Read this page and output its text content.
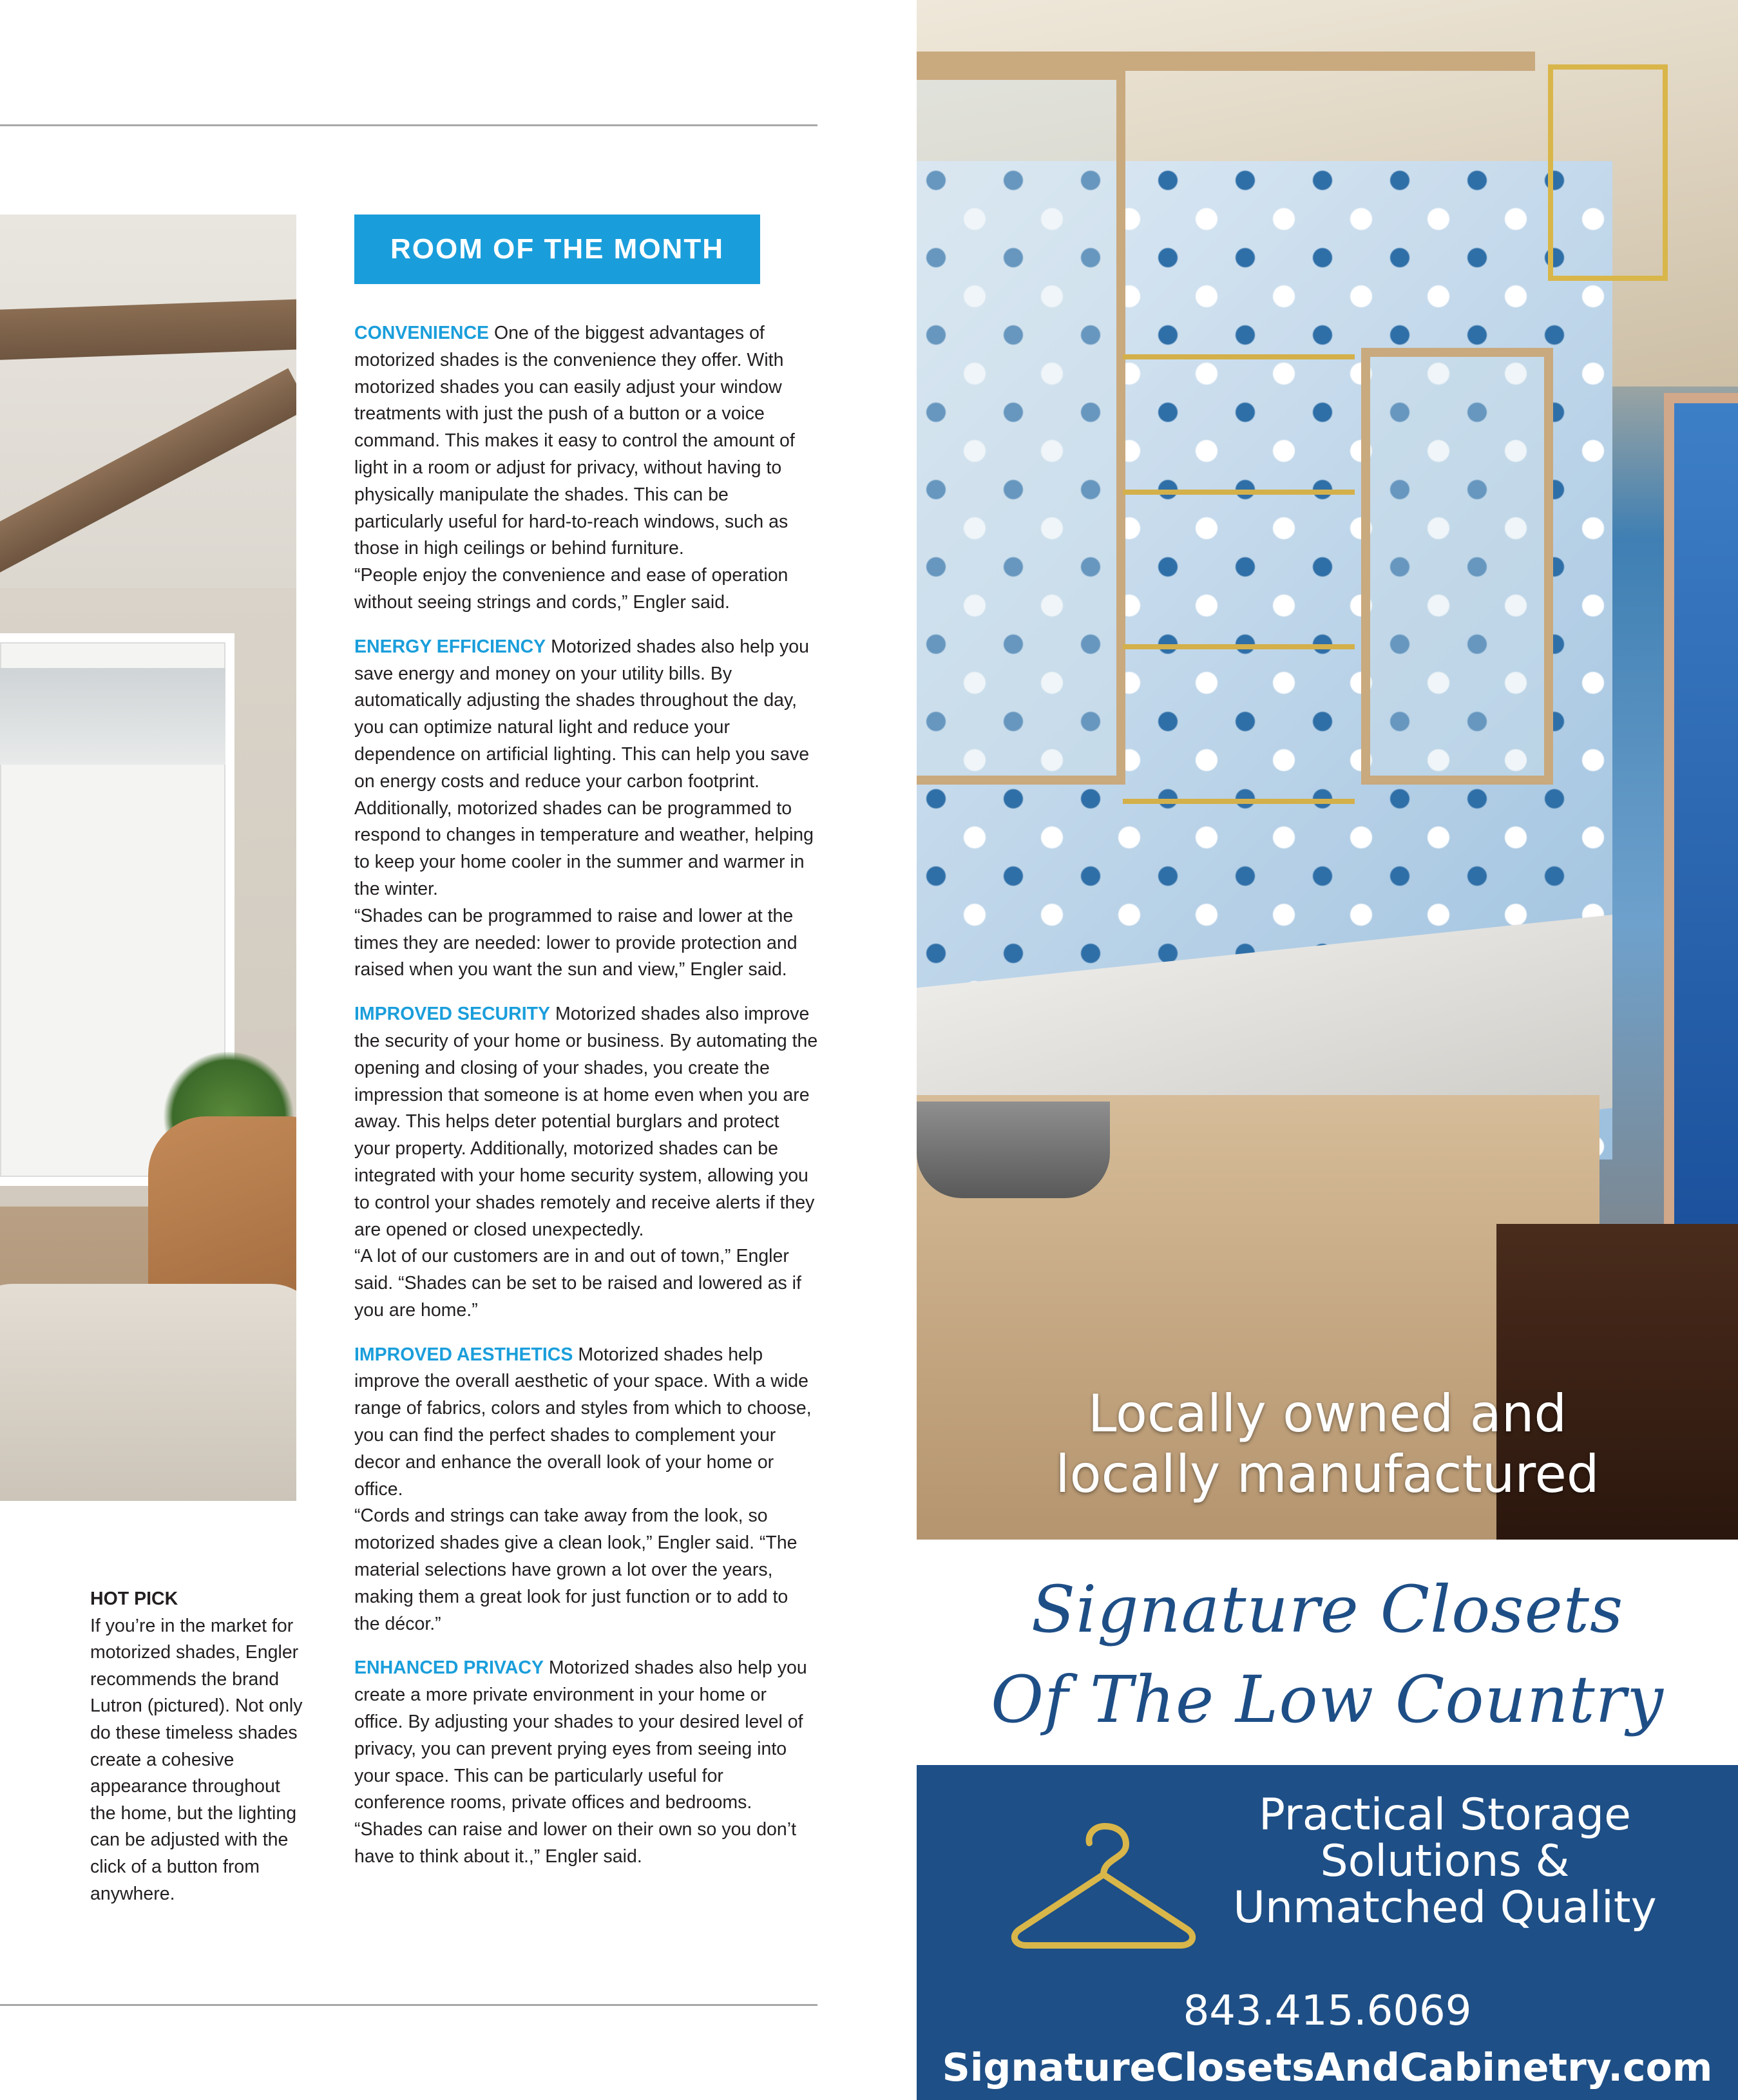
ROOM OF THE MONTH

CONVENIENCE One of the biggest advantages of motorized shades is the convenience they offer. With motorized shades you can easily adjust your window treatments with just the push of a button or a voice command. This makes it easy to control the amount of light in a room or adjust for privacy, without having to physically manipulate the shades. This can be particularly useful for hard-to-reach windows, such as those in high ceilings or behind furniture.
“People enjoy the convenience and ease of operation without seeing strings and cords,” Engler said.

ENERGY EFFICIENCY Motorized shades also help you save energy and money on your utility bills. By automatically adjusting the shades throughout the day, you can optimize natural light and reduce your dependence on artificial lighting. This can help you save on energy costs and reduce your carbon footprint. Additionally, motorized shades can be programmed to respond to changes in temperature and weather, helping to keep your home cooler in the summer and warmer in the winter.
“Shades can be programmed to raise and lower at the times they are needed: lower to provide protection and raised when you want the sun and view,” Engler said.

IMPROVED SECURITY Motorized shades also improve the security of your home or business. By automating the opening and closing of your shades, you create the impression that someone is at home even when you are away. This helps deter potential burglars and protect your property. Additionally, motorized shades can be integrated with your home security system, allowing you to control your shades remotely and receive alerts if they are opened or closed unexpectedly.
“A lot of our customers are in and out of town,” Engler said. “Shades can be set to be raised and lowered as if you are home.”

IMPROVED AESTHETICS Motorized shades help improve the overall aesthetic of your space. With a wide range of fabrics, colors and styles from which to choose, you can find the perfect shades to complement your decor and enhance the overall look of your home or office.
“Cords and strings can take away from the look, so motorized shades give a clean look,” Engler said. “The material selections have grown a lot over the years, making them a great look for just function or to add to the décor.”

ENHANCED PRIVACY Motorized shades also help you create a more private environment in your home or office. By adjusting your shades to your desired level of privacy, you can prevent prying eyes from seeing into your space. This can be particularly useful for conference rooms, private offices and bedrooms.
“Shades can raise and lower on their own so you don’t have to think about it.,” Engler said.

HOT PICK
If you’re in the market for motorized shades, Engler recommends the brand Lutron (pictured). Not only do these timeless shades create a cohesive appearance throughout the home, but the lighting can be adjusted with the click of a button from anywhere.
Locally owned and
locally manufactured
Signature Closets
Of The Low Country
Practical Storage
Solutions &
Unmatched Quality
843.415.6069
SignatureClosetsAndCabinetry.com
